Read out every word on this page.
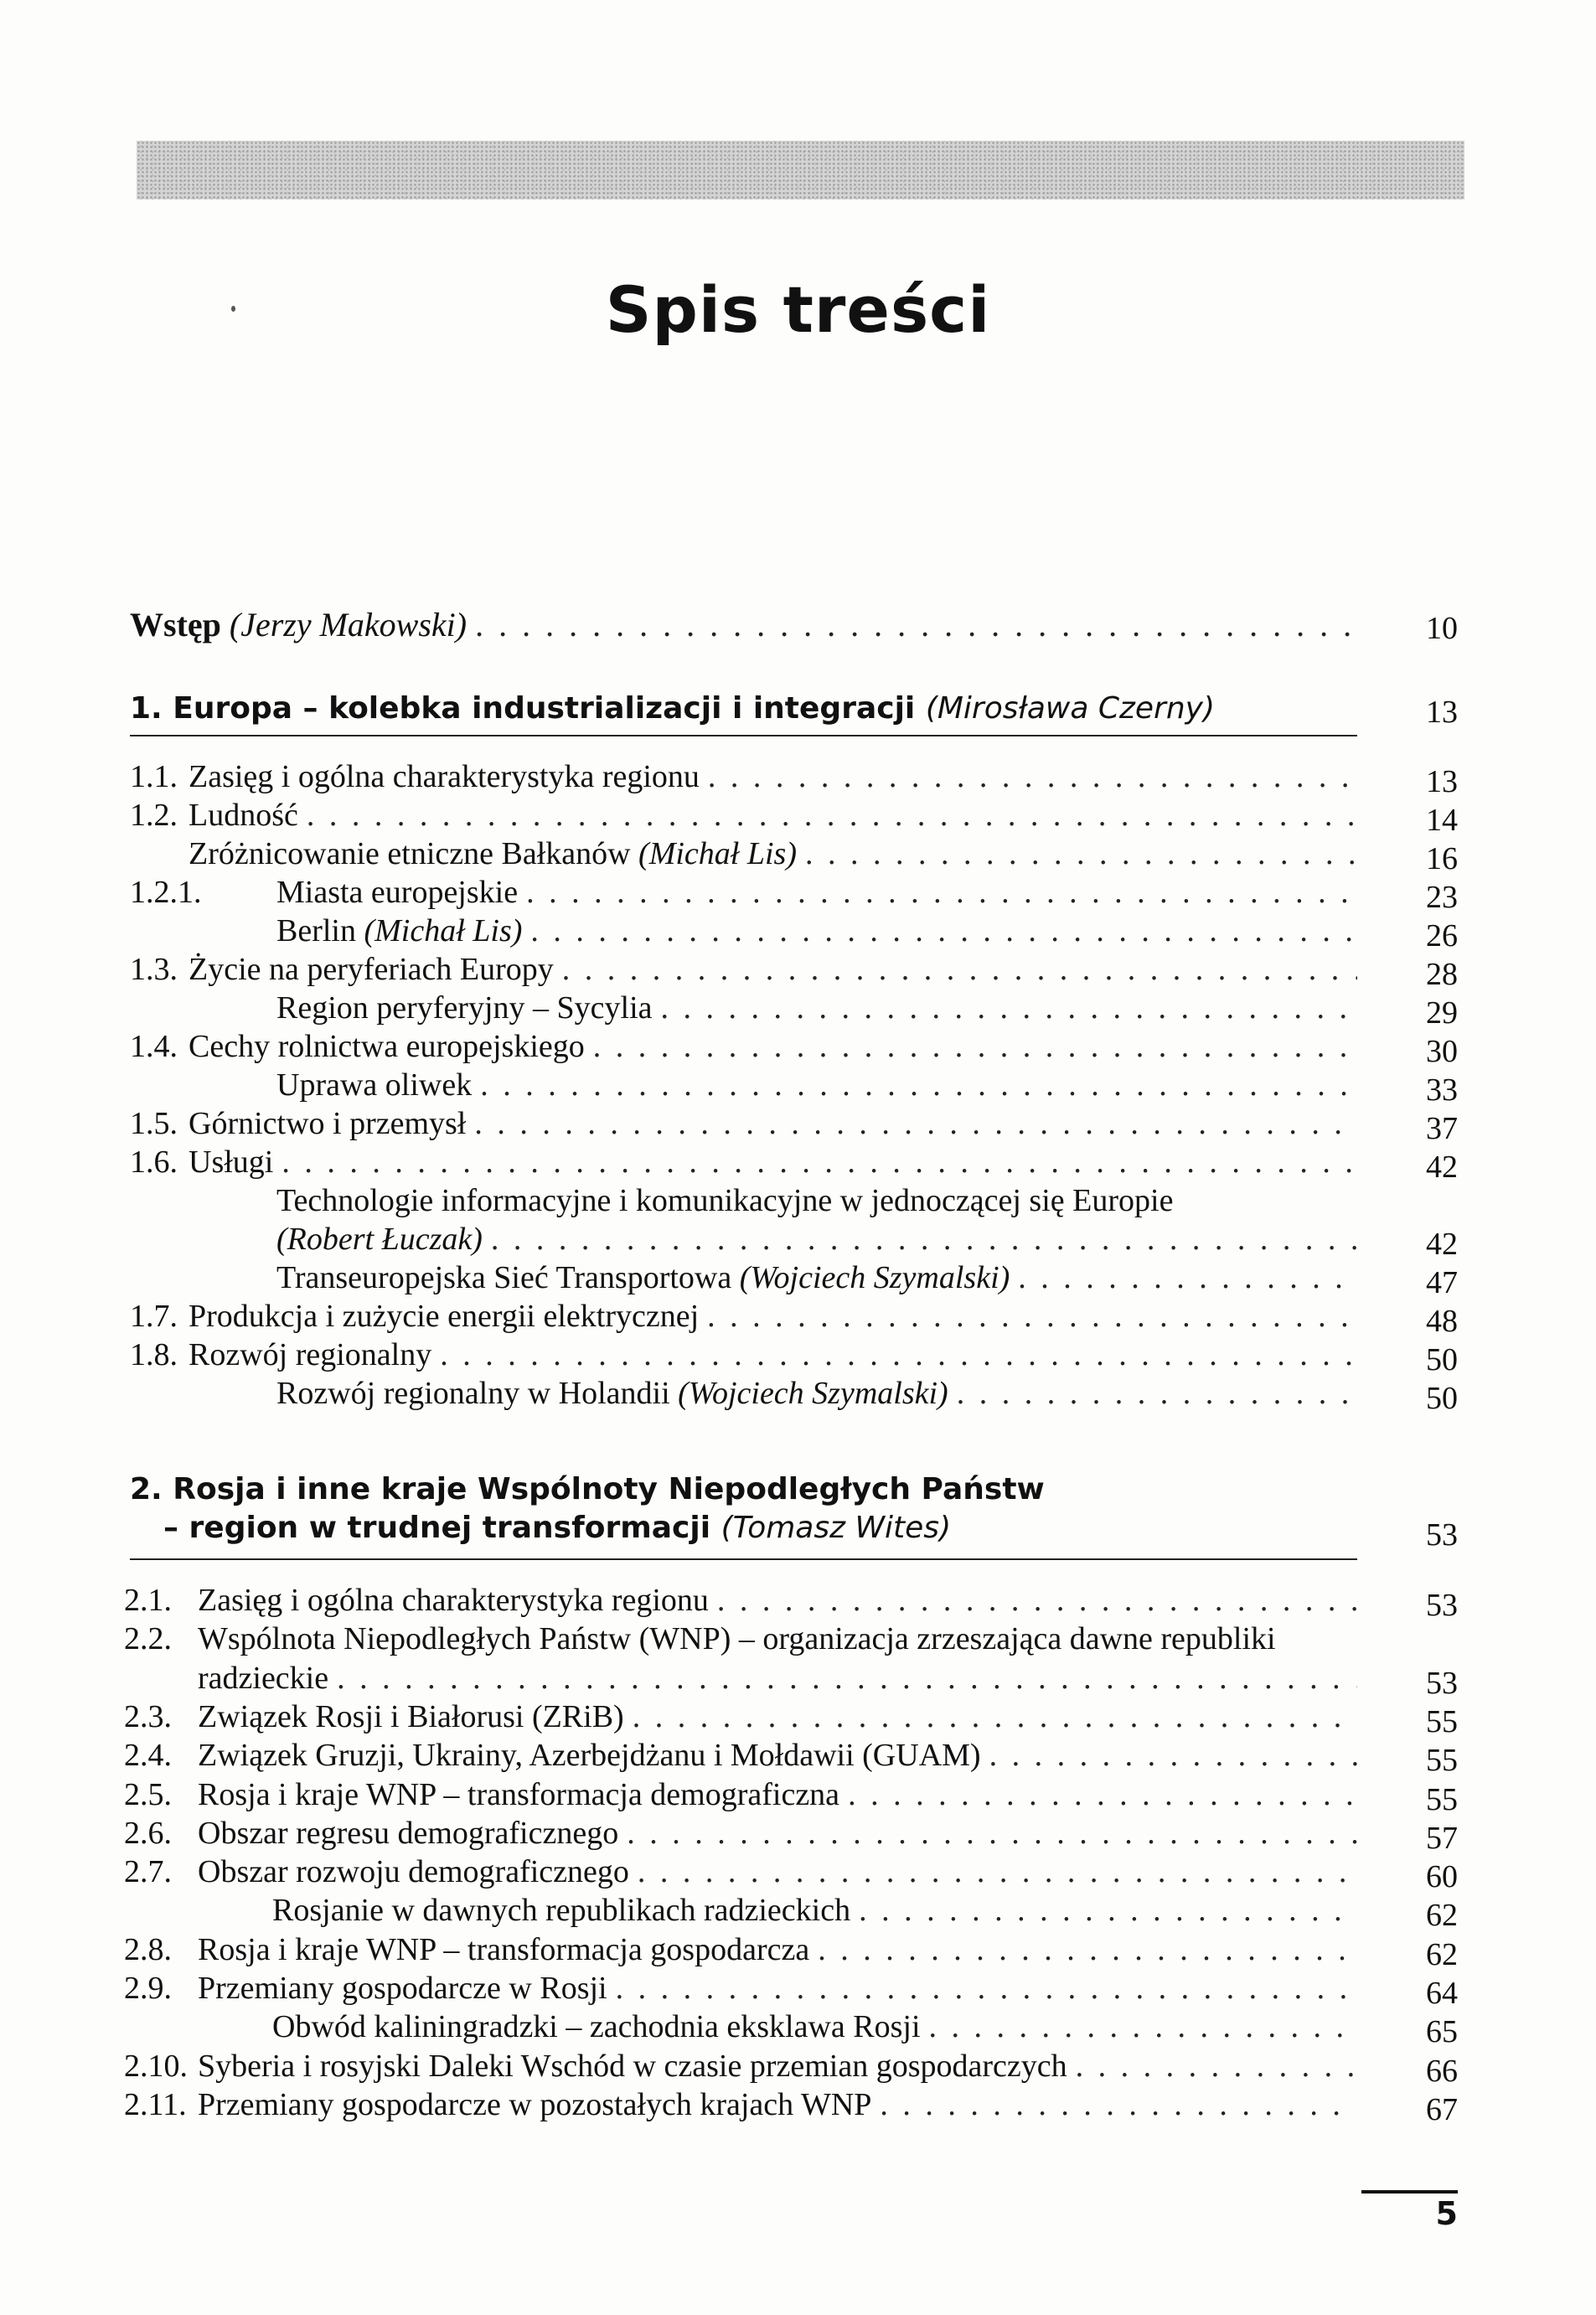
Spis treści
Wstęp (Jerzy Makowski) . . .	10
1. Europa – kolebka industrializacji i integracji (Mirosława Czerny)	13
1.1. Zasięg i ogólna charakterystyka regionu . . .	13
1.2. Ludność . . .	14
Zróżnicowanie etniczne Bałkanów (Michał Lis) . . .	16
1.2.1. Miasta europejskie . . .	23
Berlin (Michał Lis) . . .	26
1.3. Życie na peryferiach Europy . . .	28
Region peryferyjny – Sycylia . . .	29
1.4. Cechy rolnictwa europejskiego . . .	30
Uprawa oliwek . . .	33
1.5. Górnictwo i przemysł . . .	37
1.6. Usługi . . .	42
Technologie informacyjne i komunikacyjne w jednoczącej się Europie
(Robert Łuczak) . . .	42
Transeuropejska Sieć Transportowa (Wojciech Szymalski) . . .	47
1.7. Produkcja i zużycie energii elektrycznej . . .	48
1.8. Rozwój regionalny . . .	50
Rozwój regionalny w Holandii (Wojciech Szymalski) . . .	50
2. Rosja i inne kraje Wspólnoty Niepodległych Państw
– region w trudnej transformacji (Tomasz Wites)	53
2.1. Zasięg i ogólna charakterystyka regionu . . .	53
2.2. Wspólnota Niepodległych Państw (WNP) – organizacja zrzeszająca dawne republiki
radzieckie . . .	53
2.3. Związek Rosji i Białorusi (ZRiB) . . .	55
2.4. Związek Gruzji, Ukrainy, Azerbejdżanu i Mołdawii (GUAM) . . .	55
2.5. Rosja i kraje WNP – transformacja demograficzna . . .	55
2.6. Obszar regresu demograficznego . . .	57
2.7. Obszar rozwoju demograficznego . . .	60
Rosjanie w dawnych republikach radzieckich . . .	62
2.8. Rosja i kraje WNP – transformacja gospodarcza . . .	62
2.9. Przemiany gospodarcze w Rosji . . .	64
Obwód kaliningradzki – zachodnia eksklawa Rosji . . .	65
2.10. Syberia i rosyjski Daleki Wschód w czasie przemian gospodarczych . . .	66
2.11. Przemiany gospodarcze w pozostałych krajach WNP . . .	67
5
